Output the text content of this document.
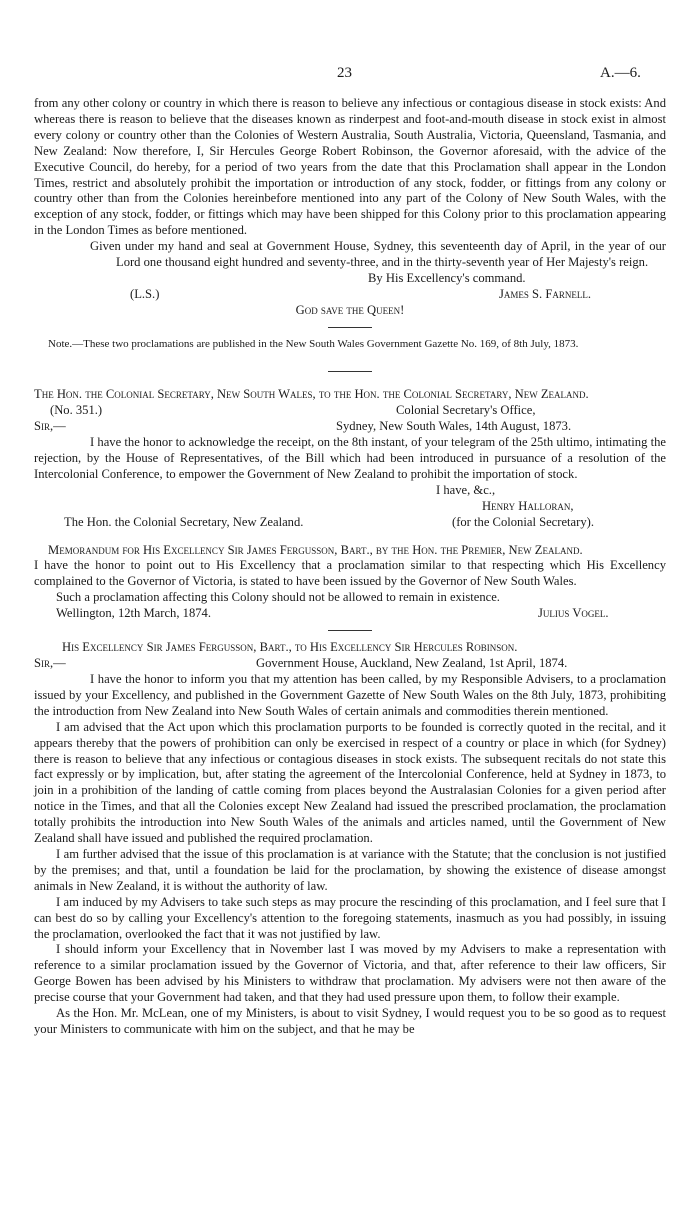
23	A.—6.

from any other colony or country in which there is reason to believe any infectious or contagious disease in stock exists: And whereas there is reason to believe that the diseases known as rinderpest and foot-and-mouth disease in stock exist in almost every colony or country other than the Colonies of Western Australia, South Australia, Victoria, Queensland, Tasmania, and New Zealand: Now therefore, I, Sir Hercules George Robert Robinson, the Governor aforesaid, with the advice of the Executive Council, do hereby, for a period of two years from the date that this Proclamation shall appear in the London Times, restrict and absolutely prohibit the importation or introduction of any stock, fodder, or fittings from any colony or country other than from the Colonies hereinbefore mentioned into any part of the Colony of New South Wales, with the exception of any stock, fodder, or fittings which may have been shipped for this Colony prior to this proclamation appearing in the London Times as before mentioned.

Given under my hand and seal at Government House, Sydney, this seventeenth day of April, in the year of our Lord one thousand eight hundred and seventy-three, and in the thirty-seventh year of Her Majesty's reign.

By His Excellency's command.
(L.S.)	James S. Farnell.

God save the Queen!

Note.—These two proclamations are published in the New South Wales Government Gazette No. 169, of 8th July, 1873.

The Hon. the Colonial Secretary, New South Wales, to the Hon. the Colonial Secretary, New Zealand.

(No. 351.)	Colonial Secretary's Office,
Sir,—	Sydney, New South Wales, 14th August, 1873.

I have the honor to acknowledge the receipt, on the 8th instant, of your telegram of the 25th ultimo, intimating the rejection, by the House of Representatives, of the Bill which had been introduced in pursuance of a resolution of the Intercolonial Conference, to empower the Government of New Zealand to prohibit the importation of stock.

I have, &c.,
Henry Halloran,
The Hon. the Colonial Secretary, New Zealand.	(for the Colonial Secretary).

Memorandum for His Excellency Sir James Fergusson, Bart., by the Hon. the Premier, New Zealand.

I have the honor to point out to His Excellency that a proclamation similar to that respecting which His Excellency complained to the Governor of Victoria, is stated to have been issued by the Governor of New South Wales.

Such a proclamation affecting this Colony should not be allowed to remain in existence.

Wellington, 12th March, 1874.	Julius Vogel.

His Excellency Sir James Fergusson, Bart., to His Excellency Sir Hercules Robinson.

Sir,—	Government House, Auckland, New Zealand, 1st April, 1874.

I have the honor to inform you that my attention has been called, by my Responsible Advisers, to a proclamation issued by your Excellency, and published in the Government Gazette of New South Wales on the 8th July, 1873, prohibiting the introduction from New Zealand into New South Wales of certain animals and commodities therein mentioned.

I am advised that the Act upon which this proclamation purports to be founded is correctly quoted in the recital, and it appears thereby that the powers of prohibition can only be exercised in respect of a country or place in which (for Sydney) there is reason to believe that any infectious or contagious diseases in stock exists. The subsequent recitals do not state this fact expressly or by implication, but, after stating the agreement of the Intercolonial Conference, held at Sydney in 1873, to join in a prohibition of the landing of cattle coming from places beyond the Australasian Colonies for a given period after notice in the Times, and that all the Colonies except New Zealand had issued the prescribed proclamation, the proclamation totally prohibits the introduction into New South Wales of the animals and articles named, until the Government of New Zealand shall have issued and published the required proclamation.

I am further advised that the issue of this proclamation is at variance with the Statute; that the conclusion is not justified by the premises; and that, until a foundation be laid for the proclamation, by showing the existence of disease amongst animals in New Zealand, it is without the authority of law.

I am induced by my Advisers to take such steps as may procure the rescinding of this proclamation, and I feel sure that I can best do so by calling your Excellency's attention to the foregoing statements, inasmuch as you had possibly, in issuing the proclamation, overlooked the fact that it was not justified by law.

I should inform your Excellency that in November last I was moved by my Advisers to make a representation with reference to a similar proclamation issued by the Governor of Victoria, and that, after reference to their law officers, Sir George Bowen has been advised by his Ministers to withdraw that proclamation. My advisers were not then aware of the precise course that your Government had taken, and that they had used pressure upon them, to follow their example.

As the Hon. Mr. McLean, one of my Ministers, is about to visit Sydney, I would request you to be so good as to request your Ministers to communicate with him on the subject, and that he may be
